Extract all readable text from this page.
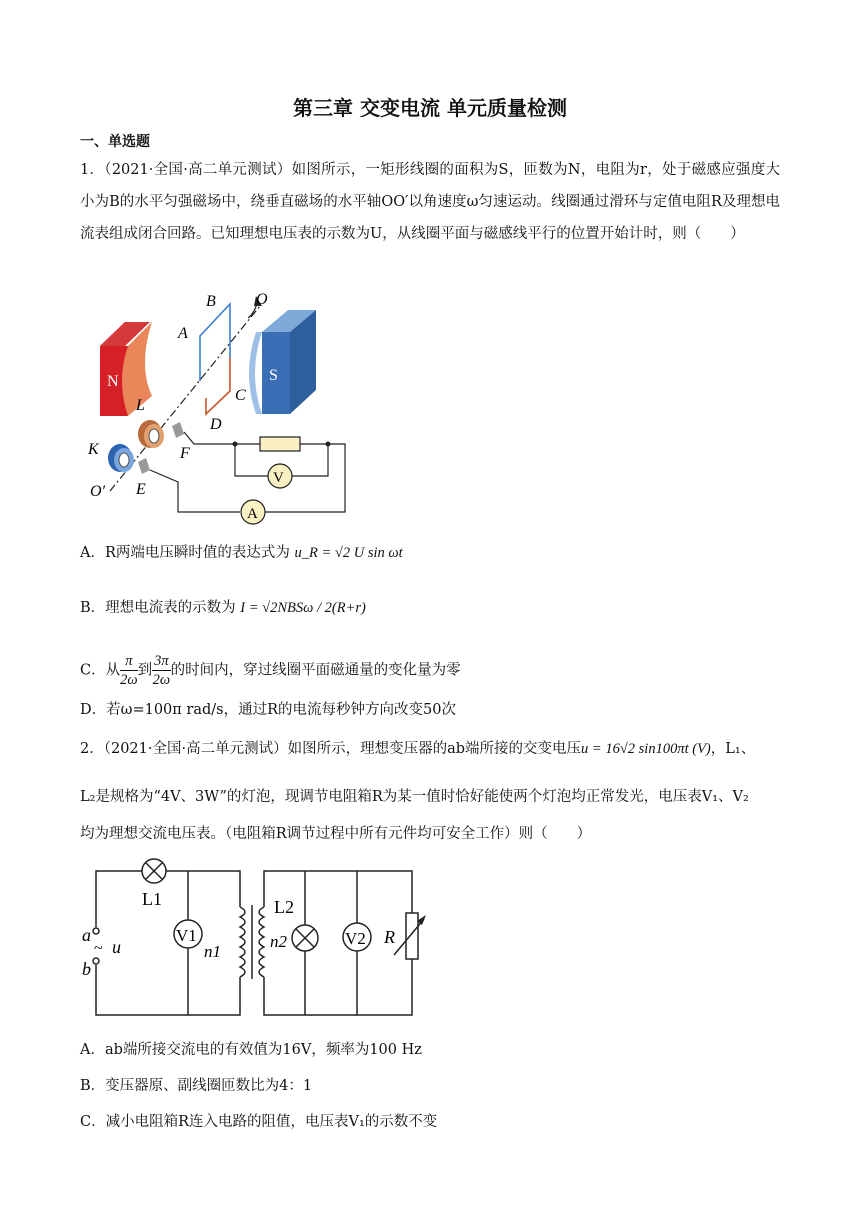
第三章 交变电流 单元质量检测
一、单选题
1．（2021·全国·高二单元测试）如图所示，一矩形线圈的面积为S，匝数为N，电阻为r，处于磁感应强度大小为B的水平匀强磁场中，绕垂直磁场的水平轴OO′以角速度ω匀速运动。线圈通过滑环与定值电阻R及理想电流表组成闭合回路。已知理想电压表的示数为U，从线圈平面与磁感线平行的位置开始计时，则（　　）
N	S
V
A
A
B
C
D
O
O′
K
L
F
E
A．R两端电压瞬时值的表达式为 u_R = √2 U sin ωt
B．理想电流表的示数为 I = √2NBSω / 2(R+r)
C．从 $\frac{\pi}{2\omega}$ 到 $\frac{3\pi}{2\omega}$ 的时间内，穿过线圈平面磁通量的变化量为零
D．若ω=100π rad/s，通过R的电流每秒钟方向改变50次
2．（2021·全国·高二单元测试）如图所示，理想变压器的ab端所接的交变电压u = 16√2 sin100πt (V)，L₁、
L₂是规格为“4V、3W”的灯泡，现调节电阻箱R为某一值时恰好能使两个灯泡均正常发光，电压表V₁、V₂
均为理想交流电压表。（电阻箱R调节过程中所有元件均可安全工作）则（　　）
L1
V1
n1
n2
L2
V2 R
a
b
~ u
A．ab端所接交流电的有效值为16V，频率为100 Hz
B．变压器原、副线圈匝数比为4：1
C．减小电阻箱R连入电路的阻值，电压表V₁的示数不变
